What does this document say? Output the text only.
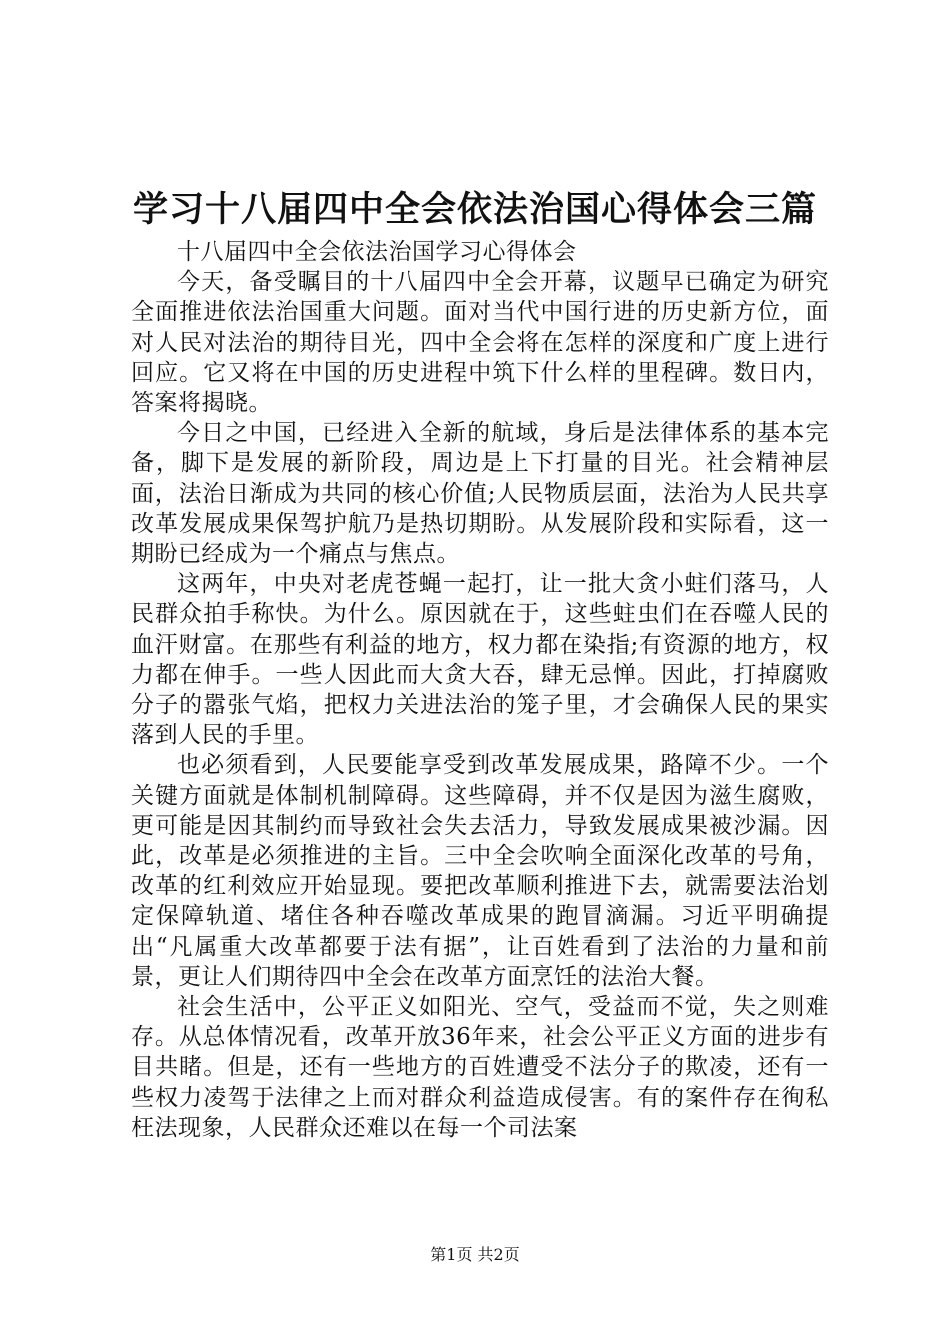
学习十八届四中全会依法治国心得体会三篇

十八届四中全会依法治国学习心得体会

今天，备受瞩目的十八届四中全会开幕，议题早已确定为研究全面推进依法治国重大问题。面对当代中国行进的历史新方位，面对人民对法治的期待目光，四中全会将在怎样的深度和广度上进行回应。它又将在中国的历史进程中筑下什么样的里程碑。数日内，答案将揭晓。

今日之中国，已经进入全新的航域，身后是法律体系的基本完备，脚下是发展的新阶段，周边是上下打量的目光。社会精神层面，法治日渐成为共同的核心价值;人民物质层面，法治为人民共享改革发展成果保驾护航乃是热切期盼。从发展阶段和实际看，这一期盼已经成为一个痛点与焦点。

这两年，中央对老虎苍蝇一起打，让一批大贪小蛀们落马，人民群众拍手称快。为什么。原因就在于，这些蛀虫们在吞噬人民的血汗财富。在那些有利益的地方，权力都在染指;有资源的地方，权力都在伸手。一些人因此而大贪大吞，肆无忌惮。因此，打掉腐败分子的嚣张气焰，把权力关进法治的笼子里，才会确保人民的果实落到人民的手里。

也必须看到，人民要能享受到改革发展成果，路障不少。一个关键方面就是体制机制障碍。这些障碍，并不仅是因为滋生腐败，更可能是因其制约而导致社会失去活力，导致发展成果被沙漏。因此，改革是必须推进的主旨。三中全会吹响全面深化改革的号角，改革的红利效应开始显现。要把改革顺利推进下去，就需要法治划定保障轨道、堵住各种吞噬改革成果的跑冒滴漏。习近平明确提出“凡属重大改革都要于法有据”，让百姓看到了法治的力量和前景，更让人们期待四中全会在改革方面烹饪的法治大餐。

社会生活中，公平正义如阳光、空气，受益而不觉，失之则难存。从总体情况看，改革开放36年来，社会公平正义方面的进步有目共睹。但是，还有一些地方的百姓遭受不法分子的欺凌，还有一些权力凌驾于法律之上而对群众利益造成侵害。有的案件存在徇私枉法现象，人民群众还难以在每一个司法案

第1页 共2页
